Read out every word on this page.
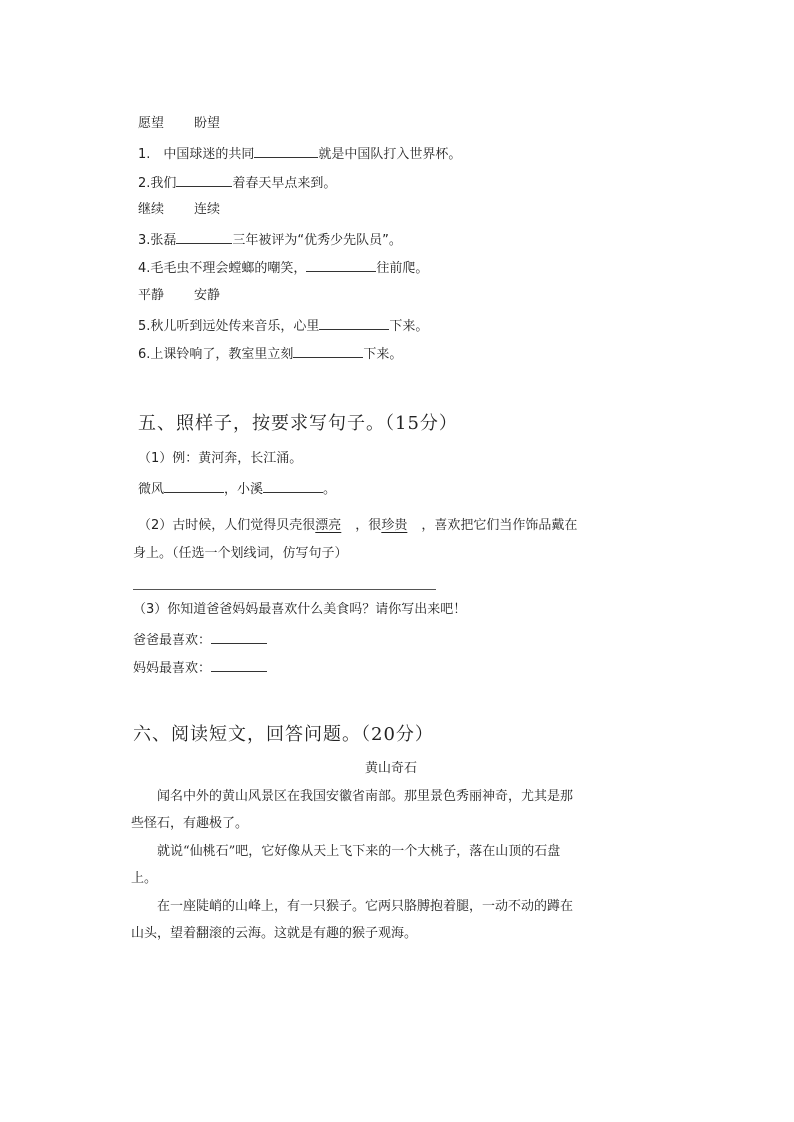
愿望 盼望
1.　中国球迷的共同	就是中国队打入世界杯。
2.我们	着春天早点来到。
继续 连续
3.张磊	三年被评为“优秀少先队员”。
4.毛毛虫不理会螳螂的嘲笑，	往前爬。
平静 安静
5.秋儿听到远处传来音乐，心里	下来。
6.上课铃响了，教室里立刻	下来。
五、照样子，按要求写句子。（15分）
（1）例：黄河奔，长江涌。
微风	，小溪	。
（2）古时候，人们觉得贝壳很漂亮 ，很珍贵 ，喜欢把它们当作饰品戴在
身上。（任选一个划线词，仿写句子）
（3）你知道爸爸妈妈最喜欢什么美食吗？请你写出来吧！
爸爸最喜欢：
妈妈最喜欢：
六、阅读短文，回答问题。（20分）
黄山奇石
闻名中外的黄山风景区在我国安徽省南部。那里景色秀丽神奇，尤其是那
些怪石，有趣极了。
就说“仙桃石”吧，它好像从天上飞下来的一个大桃子，落在山顶的石盘
上。
在一座陡峭的山峰上，有一只猴子。它两只胳膊抱着腿，一动不动的蹲在
山头，望着翻滚的云海。这就是有趣的猴子观海。
